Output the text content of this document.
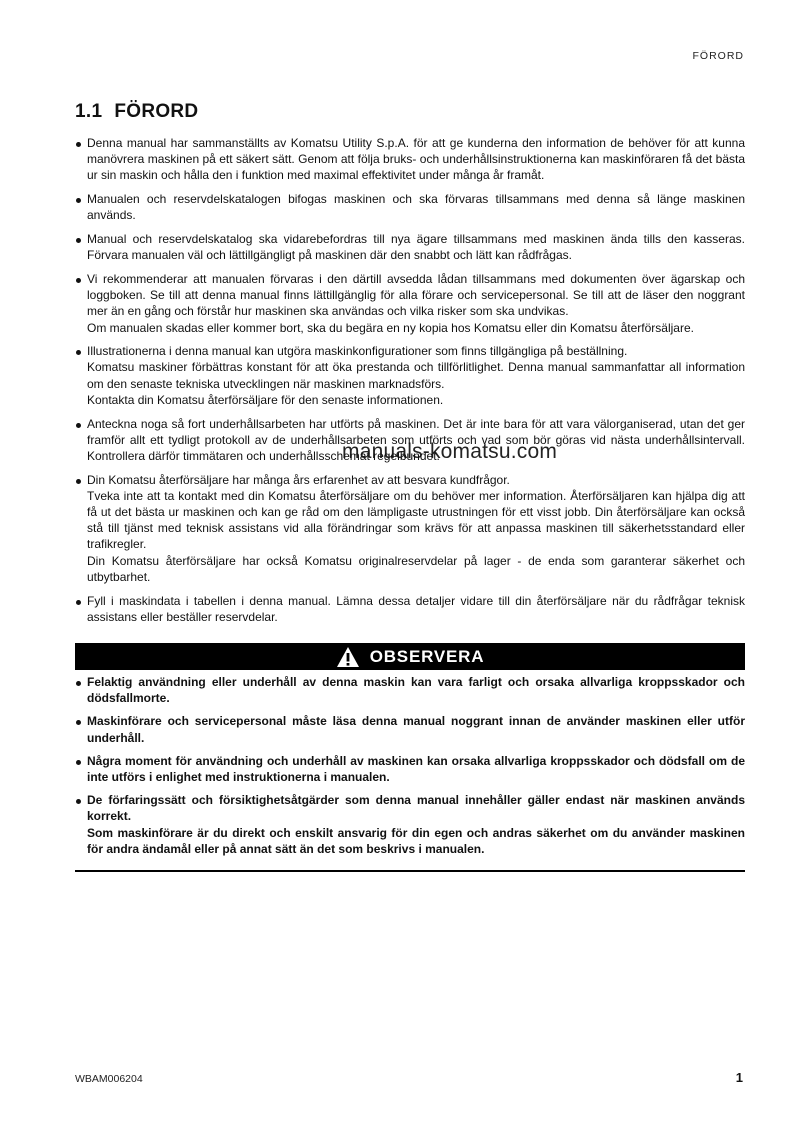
FÖRORD
1.1 FÖRORD
Denna manual har sammanställts av Komatsu Utility S.p.A. för att ge kunderna den information de behöver för att kunna manövrera maskinen på ett säkert sätt. Genom att följa bruks- och underhållsinstruktionerna kan maskinföraren få det bästa ur sin maskin och hålla den i funktion med maximal effektivitet under många år framåt.
Manualen och reservdelskatalogen bifogas maskinen och ska förvaras tillsammans med denna så länge maskinen används.
Manual och reservdelskatalog ska vidarebefordras till nya ägare tillsammans med maskinen ända tills den kasseras. Förvara manualen väl och lättillgängligt på maskinen där den snabbt och lätt kan rådfrågas.
Vi rekommenderar att manualen förvaras i den därtill avsedda lådan tillsammans med dokumenten över ägarskap och loggboken. Se till att denna manual finns lättillgänglig för alla förare och servicepersonal. Se till att de läser den noggrant mer än en gång och förstår hur maskinen ska användas och vilka risker som ska undvikas.
Om manualen skadas eller kommer bort, ska du begära en ny kopia hos Komatsu eller din Komatsu återförsäljare.
Illustrationerna i denna manual kan utgöra maskinkonfigurationer som finns tillgängliga på beställning.
Komatsu maskiner förbättras konstant för att öka prestanda och tillförlitlighet. Denna manual sammanfattar all information om den senaste tekniska utvecklingen när maskinen marknadsförs.
Kontakta din Komatsu återförsäljare för den senaste informationen.
Anteckna noga så fort underhållsarbeten har utförts på maskinen. Det är inte bara för att vara välorganiserad, utan det ger framför allt ett tydligt protokoll av de underhållsarbeten som utförts och vad som bör göras vid nästa underhållsintervall. Kontrollera därför timmätaren och underhållsschemat regelbundet.
Din Komatsu återförsäljare har många års erfarenhet av att besvara kundfrågor.
Tveka inte att ta kontakt med din Komatsu återförsäljare om du behöver mer information. Återförsäljaren kan hjälpa dig att få ut det bästa ur maskinen och kan ge råd om den lämpligaste utrustningen för ett visst jobb. Din återförsäljare kan också stå till tjänst med teknisk assistans vid alla förändringar som krävs för att anpassa maskinen till säkerhetsstandard eller trafikregler.
Din Komatsu återförsäljare har också Komatsu originalreservdelar på lager - de enda som garanterar säkerhet och utbytbarhet.
Fyll i maskindata i tabellen i denna manual. Lämna dessa detaljer vidare till din återförsäljare när du rådfrågar teknisk assistans eller beställer reservdelar.
manuals-komatsu.com
OBSERVERA
Felaktig användning eller underhåll av denna maskin kan vara farligt och orsaka allvarliga kroppsskador och dödsfallmorte.
Maskinförare och servicepersonal måste läsa denna manual noggrant innan de använder maskinen eller utför underhåll.
Några moment för användning och underhåll av maskinen kan orsaka allvarliga kroppsskador och dödsfall om de inte utförs i enlighet med instruktionerna i manualen.
De förfaringssätt och försiktighetsåtgärder som denna manual innehåller gäller endast när maskinen används korrekt.
Som maskinförare är du direkt och enskilt ansvarig för din egen och andras säkerhet om du använder maskinen för andra ändamål eller på annat sätt än det som beskrivs i manualen.
WBAM006204	1
